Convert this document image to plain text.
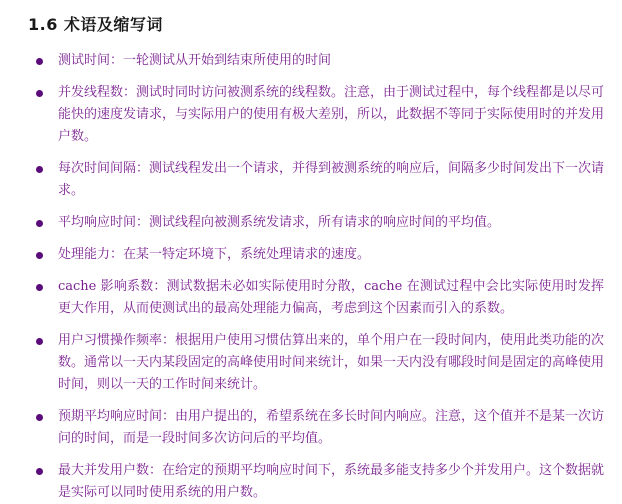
1.6 术语及缩写词
测试时间：一轮测试从开始到结束所使用的时间
并发线程数：测试时同时访问被测系统的线程数。注意，由于测试过程中，每个线程都是以尽可能快的速度发请求，与实际用户的使用有极大差别，所以，此数据不等同于实际使用时的并发用户数。
每次时间间隔：测试线程发出一个请求，并得到被测系统的响应后，间隔多少时间发出下一次请求。
平均响应时间：测试线程向被测系统发请求，所有请求的响应时间的平均值。
处理能力：在某一特定环境下，系统处理请求的速度。
cache 影响系数：测试数据未必如实际使用时分散，cache 在测试过程中会比实际使用时发挥更大作用，从而使测试出的最高处理能力偏高，考虑到这个因素而引入的系数。
用户习惯操作频率：根据用户使用习惯估算出来的，单个用户在一段时间内，使用此类功能的次数。通常以一天内某段固定的高峰使用时间来统计，如果一天内没有哪段时间是固定的高峰使用时间，则以一天的工作时间来统计。
预期平均响应时间：由用户提出的，希望系统在多长时间内响应。注意，这个值并不是某一次访问的时间，而是一段时间多次访问后的平均值。
最大并发用户数：在给定的预期平均响应时间下，系统最多能支持多少个并发用户。这个数据就是实际可以同时使用系统的用户数。
